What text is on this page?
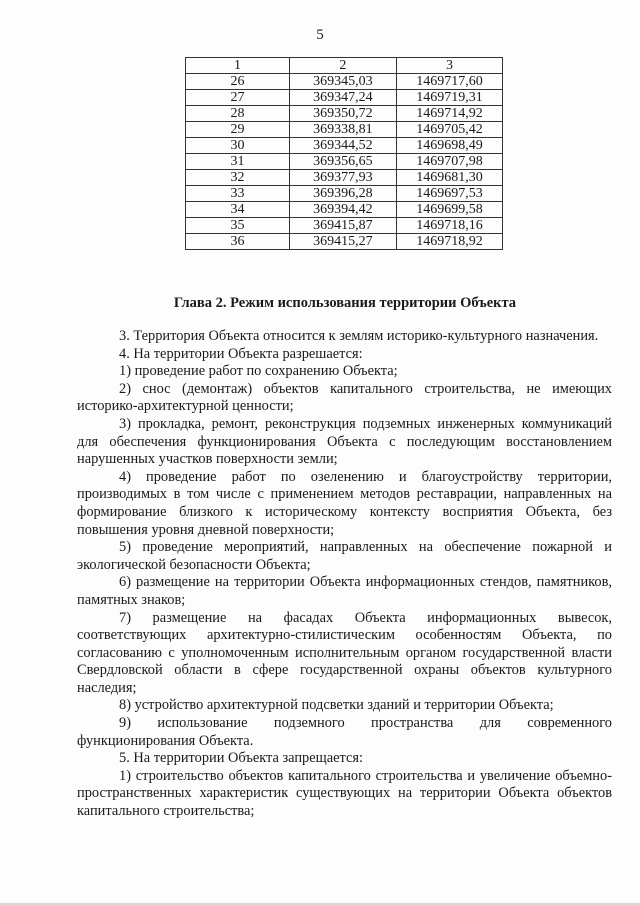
5
1	2	3
26	369345,03	1469717,60
27	369347,24	1469719,31
28	369350,72	1469714,92
29	369338,81	1469705,42
30	369344,52	1469698,49
31	369356,65	1469707,98
32	369377,93	1469681,30
33	369396,28	1469697,53
34	369394,42	1469699,58
35	369415,87	1469718,16
36	369415,27	1469718,92
Глава 2. Режим использования территории Объекта

3. Территория Объекта относится к землям историко-культурного назначения.

4. На территории Объекта разрешается:

1) проведение работ по сохранению Объекта;

2) снос (демонтаж) объектов капитального строительства, не имеющих историко-архитектурной ценности;

3) прокладка, ремонт, реконструкция подземных инженерных коммуникаций для обеспечения функционирования Объекта с последующим восстановлением нарушенных участков поверхности земли;

4) проведение работ по озеленению и благоустройству территории, производимых в том числе с применением методов реставрации, направленных на формирование близкого к историческому контексту восприятия Объекта, без повышения уровня дневной поверхности;

5) проведение мероприятий, направленных на обеспечение пожарной и экологической безопасности Объекта;

6) размещение на территории Объекта информационных стендов, памятников, памятных знаков;

7) размещение на фасадах Объекта информационных вывесок, соответствующих архитектурно-стилистическим особенностям Объекта, по согласованию с уполномоченным исполнительным органом государственной власти Свердловской области в сфере государственной охраны объектов культурного наследия;

8) устройство архитектурной подсветки зданий и территории Объекта;

9) использование подземного пространства для современного функционирования Объекта.

5. На территории Объекта запрещается:

1) строительство объектов капитального строительства и увеличение объемно-пространственных характеристик существующих на территории Объекта объектов капитального строительства;
